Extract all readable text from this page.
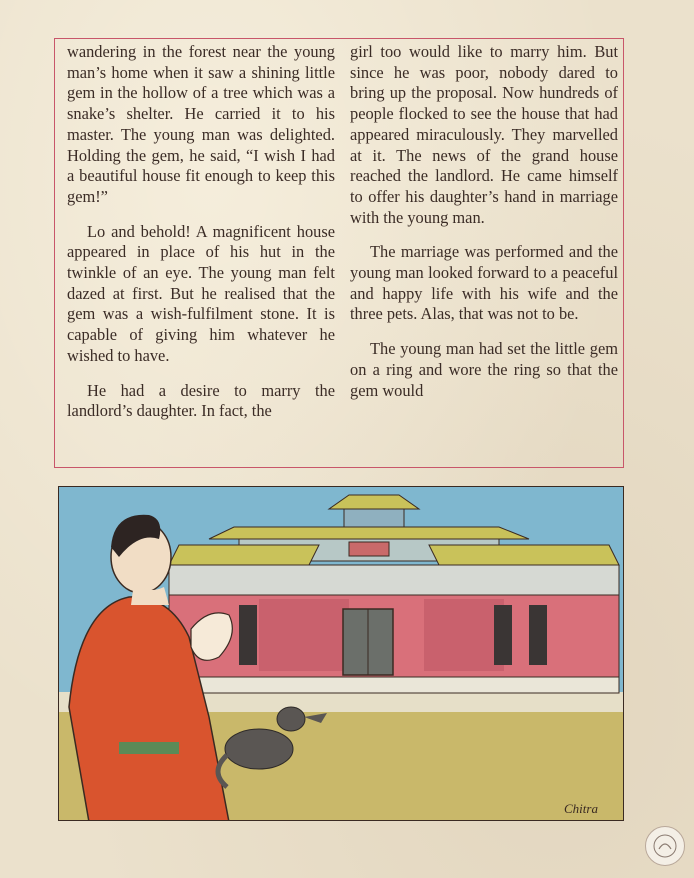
wandering in the forest near the young man’s home when it saw a shining little gem in the hollow of a tree which was a snake’s shelter. He carried it to his master. The young man was delighted. Holding the gem, he said, “I wish I had a beautiful house fit enough to keep this gem!”

Lo and behold! A magnificent house appeared in place of his hut in the twinkle of an eye. The young man felt dazed at first. But he realised that the gem was a wish-fulfilment stone. It is capable of giving him whatever he wished to have.

He had a desire to marry the landlord’s daughter. In fact, the

girl too would like to marry him. But since he was poor, nobody dared to bring up the proposal. Now hundreds of people flocked to see the house that had appeared miraculously. They marvelled at it. The news of the grand house reached the landlord. He came himself to offer his daughter’s hand in marriage with the young man.

The marriage was performed and the young man looked forward to a peaceful and happy life with his wife and the three pets. Alas, that was not to be.

The young man had set the little gem on a ring and wore the ring so that the gem would

Chitra
